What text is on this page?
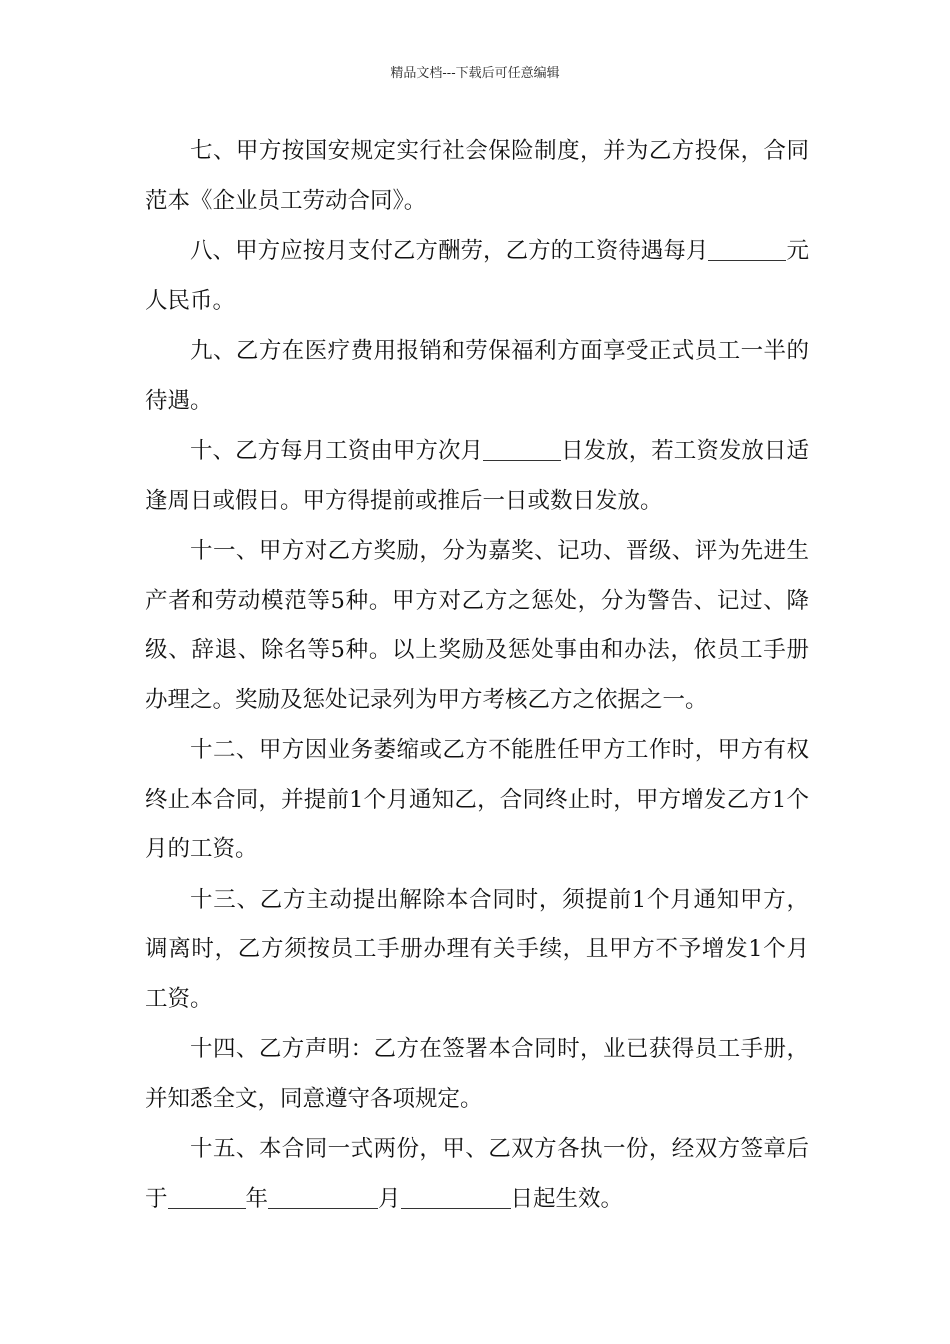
精品文档---下载后可任意编辑

七、甲方按国安规定实行社会保险制度，并为乙方投保，合同范本《企业员工劳动合同》。

八、甲方应按月支付乙方酬劳，乙方的工资待遇每月	元人民币。

九、乙方在医疗费用报销和劳保福利方面享受正式员工一半的待遇。

十、乙方每月工资由甲方次月	日发放，若工资发放日适逢周日或假日。甲方得提前或推后一日或数日发放。

十一、甲方对乙方奖励，分为嘉奖、记功、晋级、评为先进生产者和劳动模范等5种。甲方对乙方之惩处，分为警告、记过、降级、辞退、除名等5种。以上奖励及惩处事由和办法，依员工手册办理之。奖励及惩处记录列为甲方考核乙方之依据之一。

十二、甲方因业务萎缩或乙方不能胜任甲方工作时，甲方有权终止本合同，并提前1个月通知乙，合同终止时，甲方增发乙方1个月的工资。

十三、乙方主动提出解除本合同时，须提前1个月通知甲方，调离时，乙方须按员工手册办理有关手续，且甲方不予增发1个月工资。

十四、乙方声明：乙方在签署本合同时，业已获得员工手册，并知悉全文，同意遵守各项规定。

十五、本合同一式两份，甲、乙双方各执一份，经双方签章后于	年	月	日起生效。
